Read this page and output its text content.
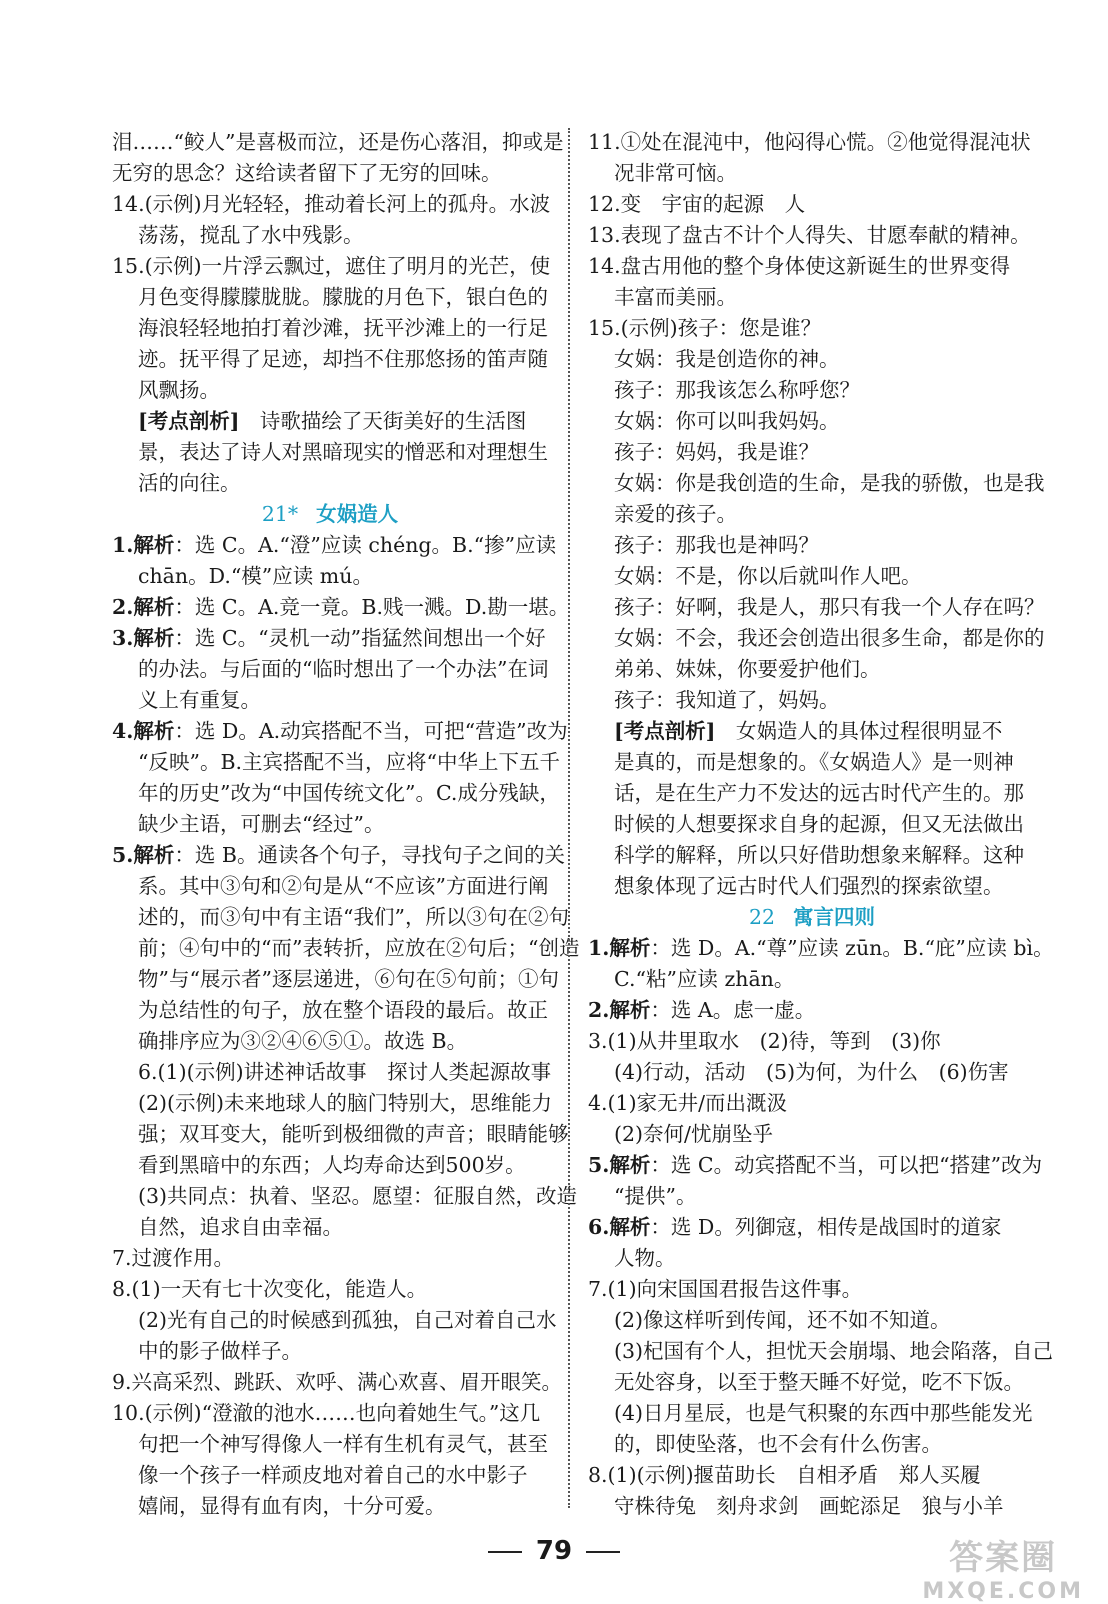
泪……“鲛人”是喜极而泣，还是伤心落泪，抑或是
无穷的思念？这给读者留下了无穷的回味。
14.(示例)月光轻轻，推动着长河上的孤舟。水波
荡荡，搅乱了水中残影。
15.(示例)一片浮云飘过，遮住了明月的光芒，使
月色变得朦朦胧胧。朦胧的月色下，银白色的
海浪轻轻地拍打着沙滩，抚平沙滩上的一行足
迹。抚平得了足迹，却挡不住那悠扬的笛声随
风飘扬。
[考点剖析]　诗歌描绘了天街美好的生活图
景，表达了诗人对黑暗现实的憎恶和对理想生
活的向往。
21* 女娲造人
1.解析：选 C。A.“澄”应读 chéng。B.“掺”应读
chān。D.“模”应读 mú。
2.解析：选 C。A.竞一竟。B.贱一溅。D.勘一堪。
3.解析：选 C。“灵机一动”指猛然间想出一个好
的办法。与后面的“临时想出了一个办法”在词
义上有重复。
4.解析：选 D。A.动宾搭配不当，可把“营造”改为
“反映”。B.主宾搭配不当，应将“中华上下五千
年的历史”改为“中国传统文化”。C.成分残缺，
缺少主语，可删去“经过”。
5.解析：选 B。通读各个句子，寻找句子之间的关
系。其中③句和②句是从“不应该”方面进行阐
述的，而③句中有主语“我们”，所以③句在②句
前；④句中的“而”表转折，应放在②句后；“创造
物”与“展示者”逐层递进，⑥句在⑤句前；①句
为总结性的句子，放在整个语段的最后。故正
确排序应为③②④⑥⑤①。故选 B。
6.(1)(示例)讲述神话故事　探讨人类起源故事
(2)(示例)未来地球人的脑门特别大，思维能力
强；双耳变大，能听到极细微的声音；眼睛能够
看到黑暗中的东西；人均寿命达到500岁。
(3)共同点：执着、坚忍。愿望：征服自然，改造
自然，追求自由幸福。
7.过渡作用。
8.(1)一天有七十次变化，能造人。
(2)光有自己的时候感到孤独，自己对着自己水
中的影子做样子。
9.兴高采烈、跳跃、欢呼、满心欢喜、眉开眼笑。
10.(示例)“澄澈的池水……也向着她生气。”这几
句把一个神写得像人一样有生机有灵气，甚至
像一个孩子一样顽皮地对着自己的水中影子
嬉闹，显得有血有肉，十分可爱。
11.①处在混沌中，他闷得心慌。②他觉得混沌状
况非常可恼。
12.变　宇宙的起源　人
13.表现了盘古不计个人得失、甘愿奉献的精神。
14.盘古用他的整个身体使这新诞生的世界变得
丰富而美丽。
15.(示例)孩子：您是谁？
女娲：我是创造你的神。
孩子：那我该怎么称呼您？
女娲：你可以叫我妈妈。
孩子：妈妈，我是谁？
女娲：你是我创造的生命，是我的骄傲，也是我
亲爱的孩子。
孩子：那我也是神吗？
女娲：不是，你以后就叫作人吧。
孩子：好啊，我是人，那只有我一个人存在吗？
女娲：不会，我还会创造出很多生命，都是你的
弟弟、妹妹，你要爱护他们。
孩子：我知道了，妈妈。
[考点剖析]　女娲造人的具体过程很明显不
是真的，而是想象的。《女娲造人》是一则神
话，是在生产力不发达的远古时代产生的。那
时候的人想要探求自身的起源，但又无法做出
科学的解释，所以只好借助想象来解释。这种
想象体现了远古时代人们强烈的探索欲望。
22 寓言四则
1.解析：选 D。A.“尊”应读 zūn。B.“庇”应读 bì。
C.“粘”应读 zhān。
2.解析：选 A。虑一虚。
3.(1)从井里取水　(2)待，等到　(3)你
(4)行动，活动　(5)为何，为什么　(6)伤害
4.(1)家无井/而出溉汲
(2)奈何/忧崩坠乎
5.解析：选 C。动宾搭配不当，可以把“搭建”改为
“提供”。
6.解析：选 D。列御寇，相传是战国时的道家
人物。
7.(1)向宋国国君报告这件事。
(2)像这样听到传闻，还不如不知道。
(3)杞国有个人，担忧天会崩塌、地会陷落，自己
无处容身，以至于整天睡不好觉，吃不下饭。
(4)日月星辰，也是气积聚的东西中那些能发光
的，即使坠落，也不会有什么伤害。
8.(1)(示例)揠苗助长　自相矛盾　郑人买履
守株待兔　刻舟求剑　画蛇添足　狼与小羊
79	答案圈
MXQE.COM
